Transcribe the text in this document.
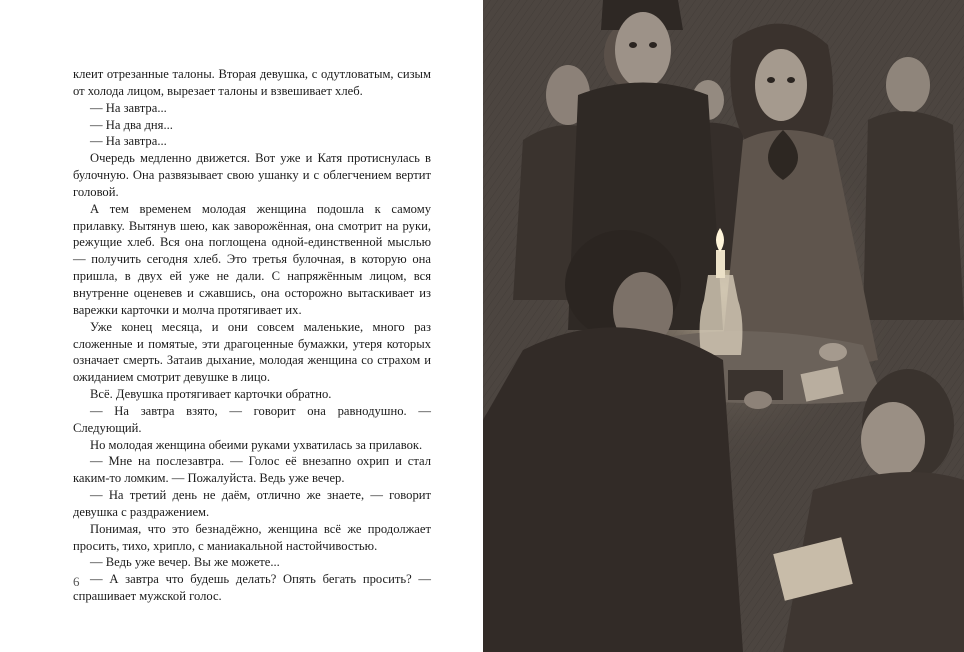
клеит отрезанные талоны. Вторая девушка, с одутловатым, сизым от холода лицом, вырезает талоны и взвешивает хлеб.

— На завтра...

— На два дня...

— На завтра...

Очередь медленно движется. Вот уже и Катя протиснулась в булочную. Она развязывает свою ушанку и с облегчением вертит головой.

А тем временем молодая женщина подошла к самому прилавку. Вытянув шею, как заворожённая, она смотрит на руки, режущие хлеб. Вся она поглощена одной-единственной мыслью — получить сегодня хлеб. Это третья булочная, в которую она пришла, в двух ей уже не дали. С напряжённым лицом, вся внутренне оценевев и сжавшись, она осторожно вытаскивает из варежки карточки и молча протягивает их.

Уже конец месяца, и они совсем маленькие, много раз сложенные и помятые, эти драгоценные бумажки, утеря которых означает смерть. Затаив дыхание, молодая женщина со страхом и ожиданием смотрит девушке в лицо.

Всё. Девушка протягивает карточки обратно.

— На завтра взято, — говорит она равнодушно. — Следующий.

Но молодая женщина обеими руками ухватилась за прилавок.

— Мне на послезавтра. — Голос её внезапно охрип и стал каким-то ломким. — Пожалуйста. Ведь уже вечер.

— На третий день не даём, отлично же знаете, — говорит девушка с раздражением.

Понимая, что это безнадёжно, женщина всё же продолжает просить, тихо, хрипло, с маниакальной настойчивостью.

— Ведь уже вечер. Вы же можете...

— А завтра что будешь делать? Опять бегать просить? — спрашивает мужской голос.

6
